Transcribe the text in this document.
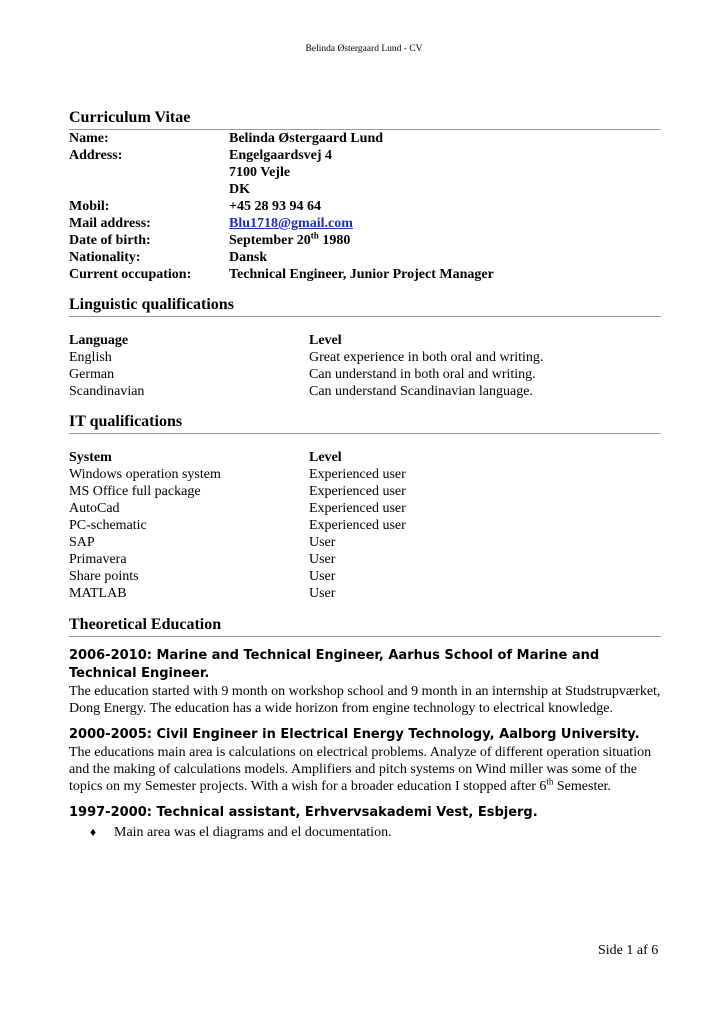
Belinda Østergaard Lund - CV
Curriculum Vitae
Name:	Belinda Østergaard Lund
Address:	Engelgaardsvej 4
7100 Vejle
DK
Mobil:	+45 28 93 94 64
Mail address:	Blu1718@gmail.com
Date of birth:	September 20th 1980
Nationality:	Dansk
Current occupation:	Technical Engineer, Junior Project Manager
Linguistic qualifications
Language	Level
English	Great experience in both oral and writing.
German	Can understand in both oral and writing.
Scandinavian	Can understand Scandinavian language.
IT qualifications
System	Level
Windows operation system	Experienced user
MS Office full package	Experienced user
AutoCad	Experienced user
PC-schematic	Experienced user
SAP	User
Primavera	User
Share points	User
MATLAB	User
Theoretical Education
2006-2010: Marine and Technical Engineer, Aarhus School of Marine and Technical Engineer.
The education started with 9 month on workshop school and 9 month in an internship at Studstrupværket, Dong Energy. The education has a wide horizon from engine technology to electrical knowledge.
2000-2005: Civil Engineer in Electrical Energy Technology, Aalborg University.
The educations main area is calculations on electrical problems. Analyze of different operation situation and the making of calculations models. Amplifiers and pitch systems on Wind miller was some of the topics on my Semester projects. With a wish for a broader education I stopped after 6th Semester.
1997-2000: Technical assistant, Erhvervsakademi Vest, Esbjerg.
♦	Main area was el diagrams and el documentation.
Side 1 af 6
